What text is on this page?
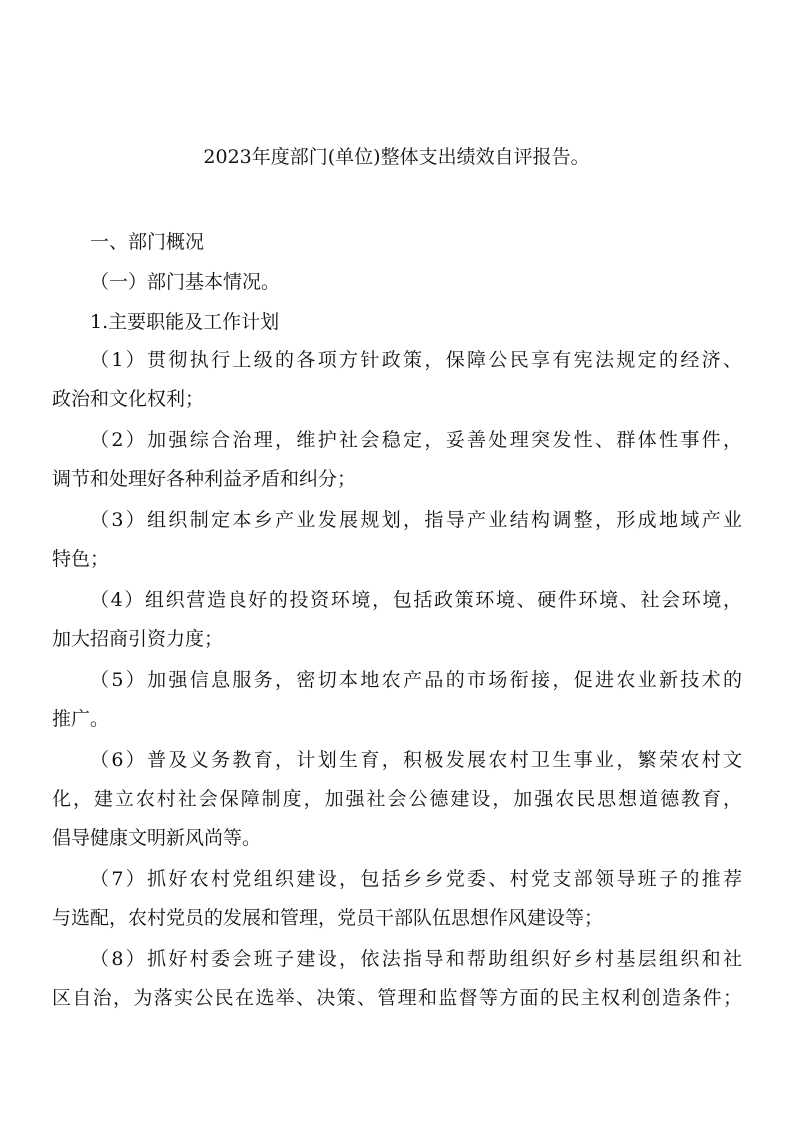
2023年度部门(单位)整体支出绩效自评报告。
一、部门概况
（一）部门基本情况。
1.主要职能及工作计划
（1）贯彻执行上级的各项方针政策，保障公民享有宪法规定的经济、
政治和文化权利；
（2）加强综合治理，维护社会稳定，妥善处理突发性、群体性事件，
调节和处理好各种利益矛盾和纠分；
（3）组织制定本乡产业发展规划，指导产业结构调整，形成地域产业
特色；
（4）组织营造良好的投资环境，包括政策环境、硬件环境、社会环境，
加大招商引资力度；
（5）加强信息服务，密切本地农产品的市场衔接，促进农业新技术的
推广。
（6）普及义务教育，计划生育，积极发展农村卫生事业，繁荣农村文
化，建立农村社会保障制度，加强社会公德建设，加强农民思想道德教育，
倡导健康文明新风尚等。
（7）抓好农村党组织建设，包括乡乡党委、村党支部领导班子的推荐
与选配，农村党员的发展和管理，党员干部队伍思想作风建设等；
（8）抓好村委会班子建设，依法指导和帮助组织好乡村基层组织和社
区自治，为落实公民在选举、决策、管理和监督等方面的民主权利创造条件；
